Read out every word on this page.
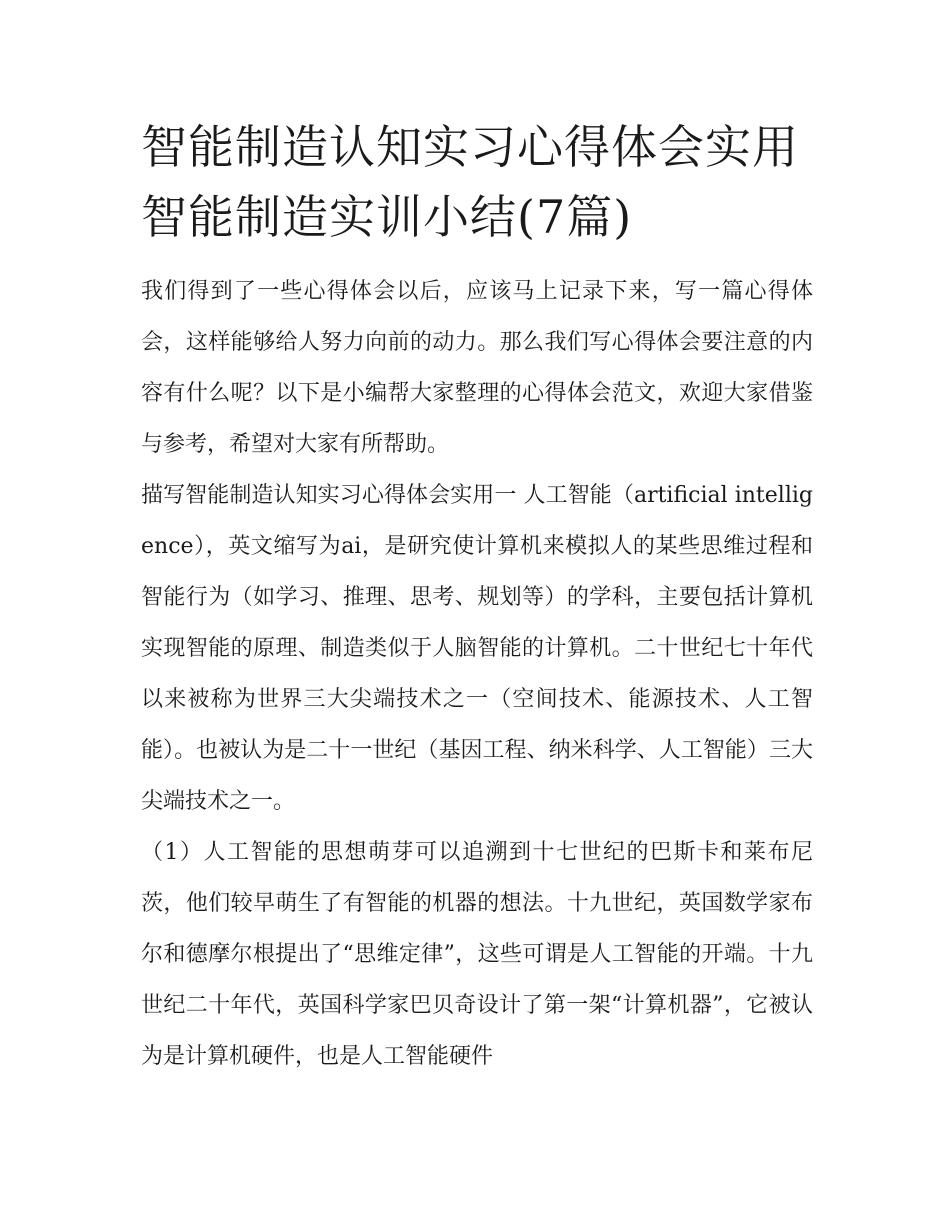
智能制造认知实习心得体会实用 智能制造实训小结(7篇)

我们得到了一些心得体会以后，应该马上记录下来，写一篇心得体会，这样能够给人努力向前的动力。那么我们写心得体会要注意的内容有什么呢？以下是小编帮大家整理的心得体会范文，欢迎大家借鉴与参考，希望对大家有所帮助。

描写智能制造认知实习心得体会实用一 人工智能（artificial intelligence），英文缩写为ai，是研究使计算机来模拟人的某些思维过程和智能行为（如学习、推理、思考、规划等）的学科，主要包括计算机实现智能的原理、制造类似于人脑智能的计算机。二十世纪七十年代以来被称为世界三大尖端技术之一（空间技术、能源技术、人工智能）。也被认为是二十一世纪（基因工程、纳米科学、人工智能）三大尖端技术之一。

（1）人工智能的思想萌芽可以追溯到十七世纪的巴斯卡和莱布尼茨，他们较早萌生了有智能的机器的想法。十九世纪，英国数学家布尔和德摩尔根提出了“思维定律”，这些可谓是人工智能的开端。十九世纪二十年代，英国科学家巴贝奇设计了第一架“计算机器”，它被认为是计算机硬件，也是人工智能硬件
